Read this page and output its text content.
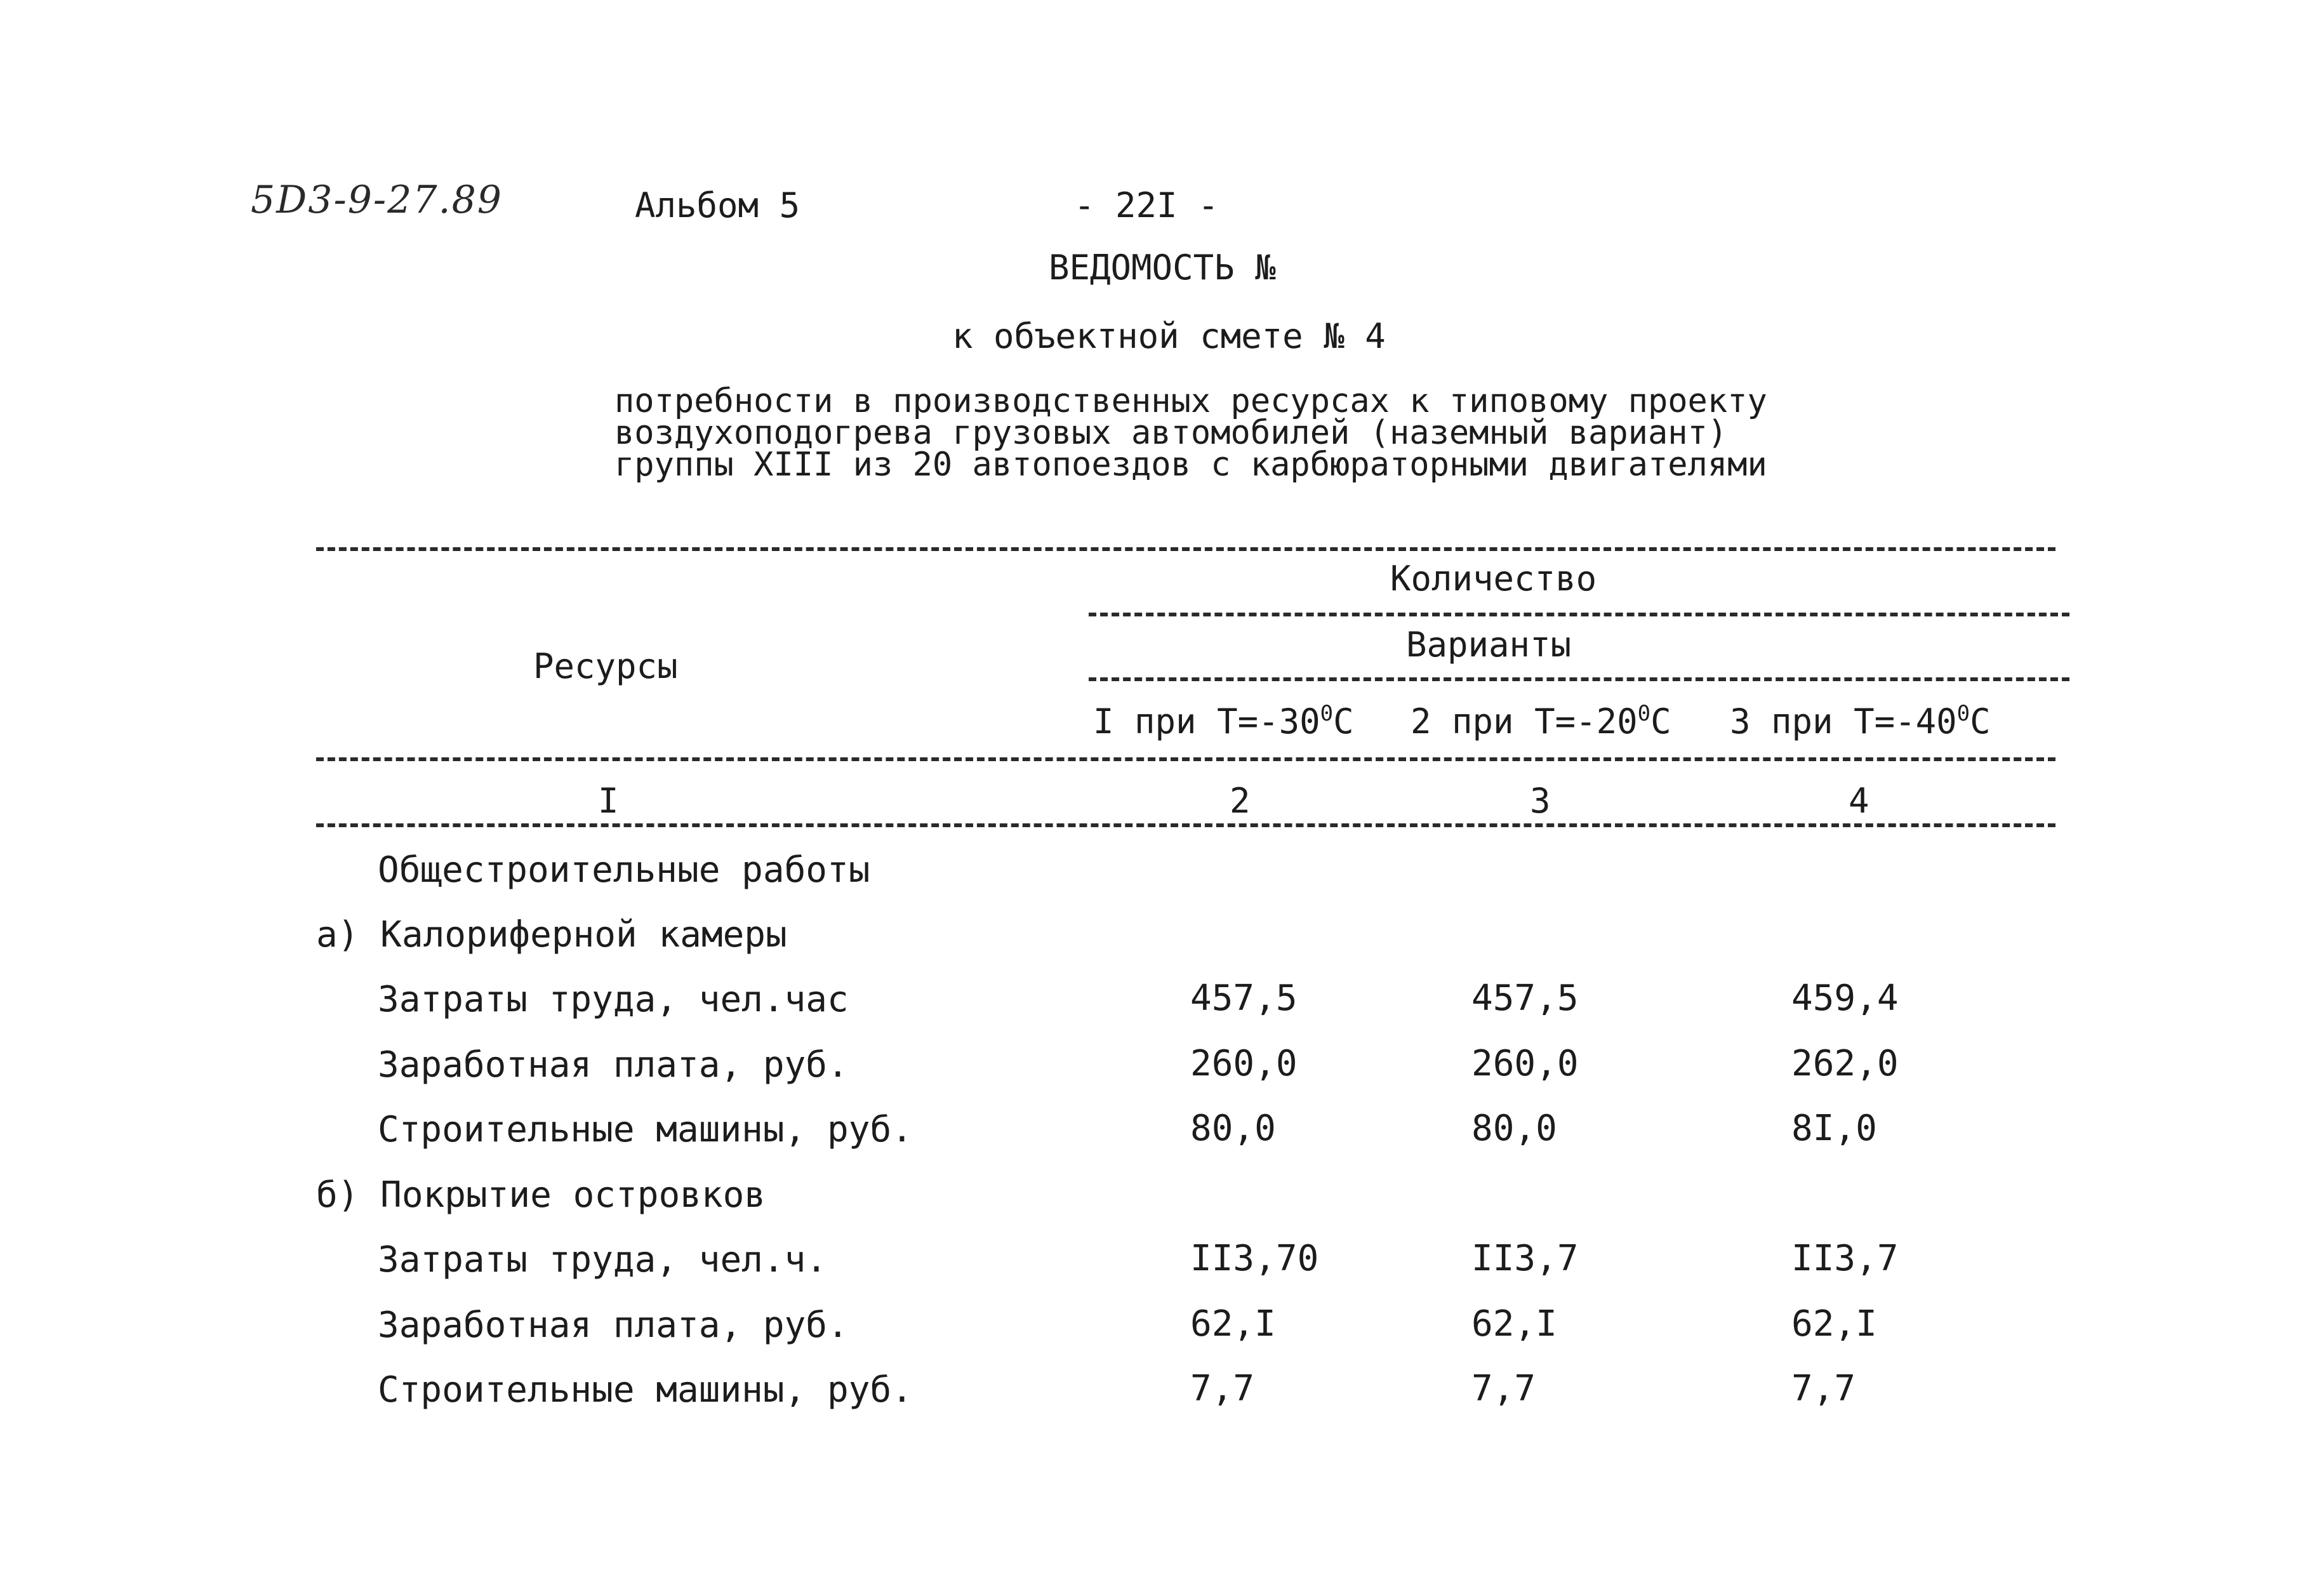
5D3-9-27.89	Альбом 5	- 22I -
ВЕДОМОСТЬ №
к объектной смете № 4
потребности в производственных ресурсах к типовому проекту
воздухоподогрева грузовых автомобилей (наземный вариант)
группы XIII из 20 автопоездов с карбюраторными двигателями
Ресурсы
Количество
Варианты
I при $Т=-30^0С$ 2 при $Т=-20^0С$ 3 при $Т=-40^0С$
I	2	3	4
Общестроительные работы
а) Калориферной камеры
Затраты труда, чел.час	457,5	457,5	459,4
Заработная плата, руб.	260,0	260,0	262,0
Строительные машины, руб.	80,0	80,0	8I,0
б) Покрытие островков
Затраты труда, чел.ч.	II3,70	II3,7	II3,7
Заработная плата, руб.	62,I	62,I	62,I
Строительные машины, руб.	7,7	7,7	7,7
